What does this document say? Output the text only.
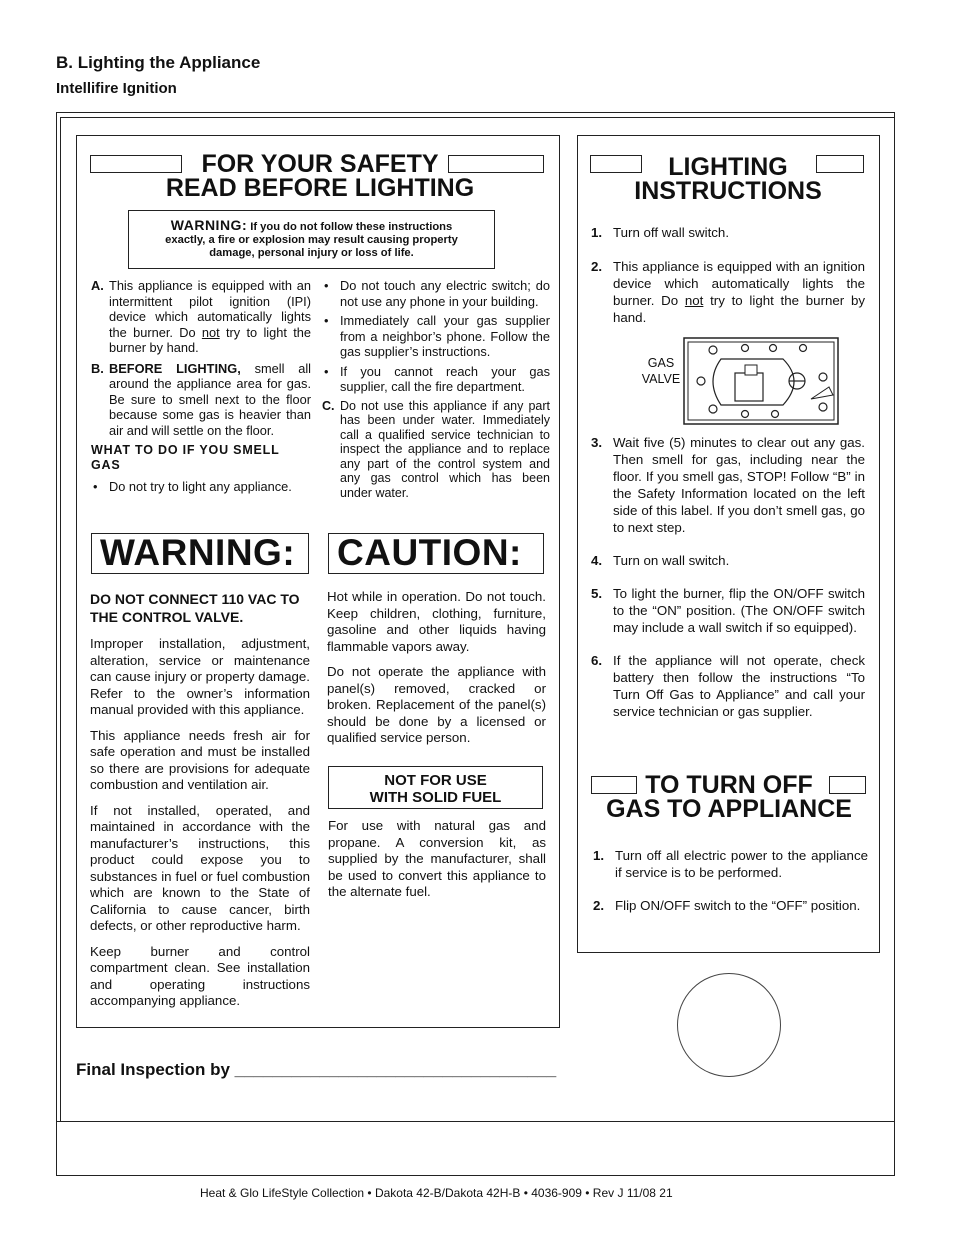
B. Lighting the Appliance
Intellifire Ignition
FOR YOUR SAFETY
READ BEFORE LIGHTING
WARNING: If you do not follow these instructions
exactly, a fire or explosion may result causing property
damage, personal injury or loss of life.
A. This appliance is equipped with an intermittent pilot ignition (IPI) device which automatically lights the burner. Do not try to light the burner by hand.
B. BEFORE LIGHTING, smell all around the appliance area for gas. Be sure to smell next to the floor because some gas is heavier than air and will settle on the floor.
WHAT TO DO IF YOU SMELL GAS
• Do not try to light any appliance.
• Do not touch any electric switch; do not use any phone in your building.
• Immediately call your gas supplier from a neighbor’s phone. Follow the gas supplier’s instructions.
• If you cannot reach your gas supplier, call the fire department.
C. Do not use this appliance if any part has been under water. Immediately call a qualified service technician to inspect the appliance and to replace any part of the control system and any gas control which has been under water.
WARNING:	CAUTION:
DO NOT CONNECT 110 VAC TO THE CONTROL VALVE.
Improper installation, adjustment, alteration, service or maintenance can cause injury or property damage. Refer to the owner’s information manual provided with this appliance.
This appliance needs fresh air for safe operation and must be installed so there are provisions for adequate combustion and ventilation air.
If not installed, operated, and maintained in accordance with the manufacturer’s instructions, this product could expose you to substances in fuel or fuel combustion which are known to the State of California to cause cancer, birth defects, or other reproductive harm.
Keep burner and control compartment clean. See installation and operating instructions accompanying appliance.
Hot while in operation. Do not touch. Keep children, clothing, furniture, gasoline and other liquids having flammable vapors away.
Do not operate the appliance with panel(s) removed, cracked or broken. Replacement of the panel(s) should be done by a licensed or qualified service person.
NOT FOR USE
WITH SOLID FUEL
For use with natural gas and propane. A conversion kit, as supplied by the manufacturer, shall be used to convert this appliance to the alternate fuel.
LIGHTING
INSTRUCTIONS
1. Turn off wall switch.
2. This appliance is equipped with an ignition device which automatically lights the burner. Do not try to light the burner by hand.
GAS
VALVE
3. Wait five (5) minutes to clear out any gas. Then smell for gas, including near the floor. If you smell gas, STOP! Follow “B” in the Safety Information located on the left side of this label. If you don’t smell gas, go to next step.
4. Turn on wall switch.
5. To light the burner, flip the ON/OFF switch to the “ON” position. (The ON/OFF switch may include a wall switch if so equipped).
6. If the appliance will not operate, check battery then follow the instructions “To Turn Off Gas to Appliance” and call your service technician or gas supplier.
TO TURN OFF
GAS TO APPLIANCE
1. Turn off all electric power to the appliance if service is to be performed.
2. Flip ON/OFF switch to the “OFF” position.
Final Inspection by __________________________________
Heat & Glo LifeStyle Collection • Dakota 42-B/Dakota 42H-B • 4036-909 • Rev J 11/08 21
